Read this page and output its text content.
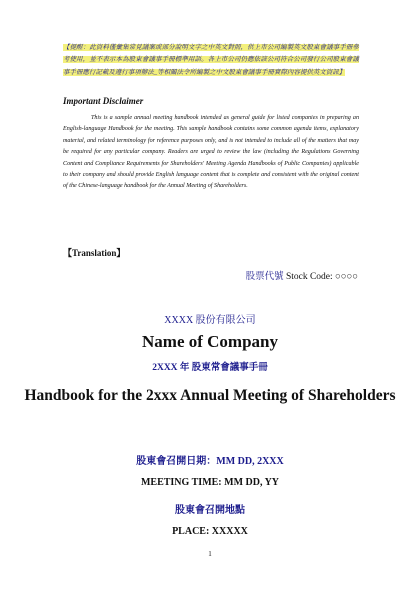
【提醒：此資料僅彙集常見議案或部分說明文字之中英文對照，供上市公司編製英文股東會議事手冊參考使用，並不表示本為股東會議事手冊標準用語。各上市公司仍應依該公司符合公司發行公司股東會議事手冊應行記載及遵行事項辦法_等相關法令所編製之中文股東會議事手冊實際內容提供英文資訊】
Important Disclaimer
This is a sample annual meeting handbook intended as general guide for listed companies in preparing an English-language Handbook for the meeting. This sample handbook contains some common agenda items, explanatory material, and related terminology for reference purposes only, and is not intended to include all of the matters that may be required for any particular company. Readers are urged to review the law (including the Regulations Governing Content and Compliance Requirements for Shareholders' Meeting Agenda Handbooks of Public Companies) applicable to their company and should provide English language content that is complete and consistent with the original content of the Chinese-language handbook for the Annual Meeting of Shareholders.
【Translation】
股票代號 Stock Code: ○○○○
XXXX 股份有限公司
Name of Company
2XXX 年 股東常會議事手冊
Handbook for the 2xxx Annual Meeting of Shareholders
股東會召開日期：MM DD, 2XXX
MEETING TIME: MM DD, YY
股東會召開地點
PLACE: XXXXX
1
